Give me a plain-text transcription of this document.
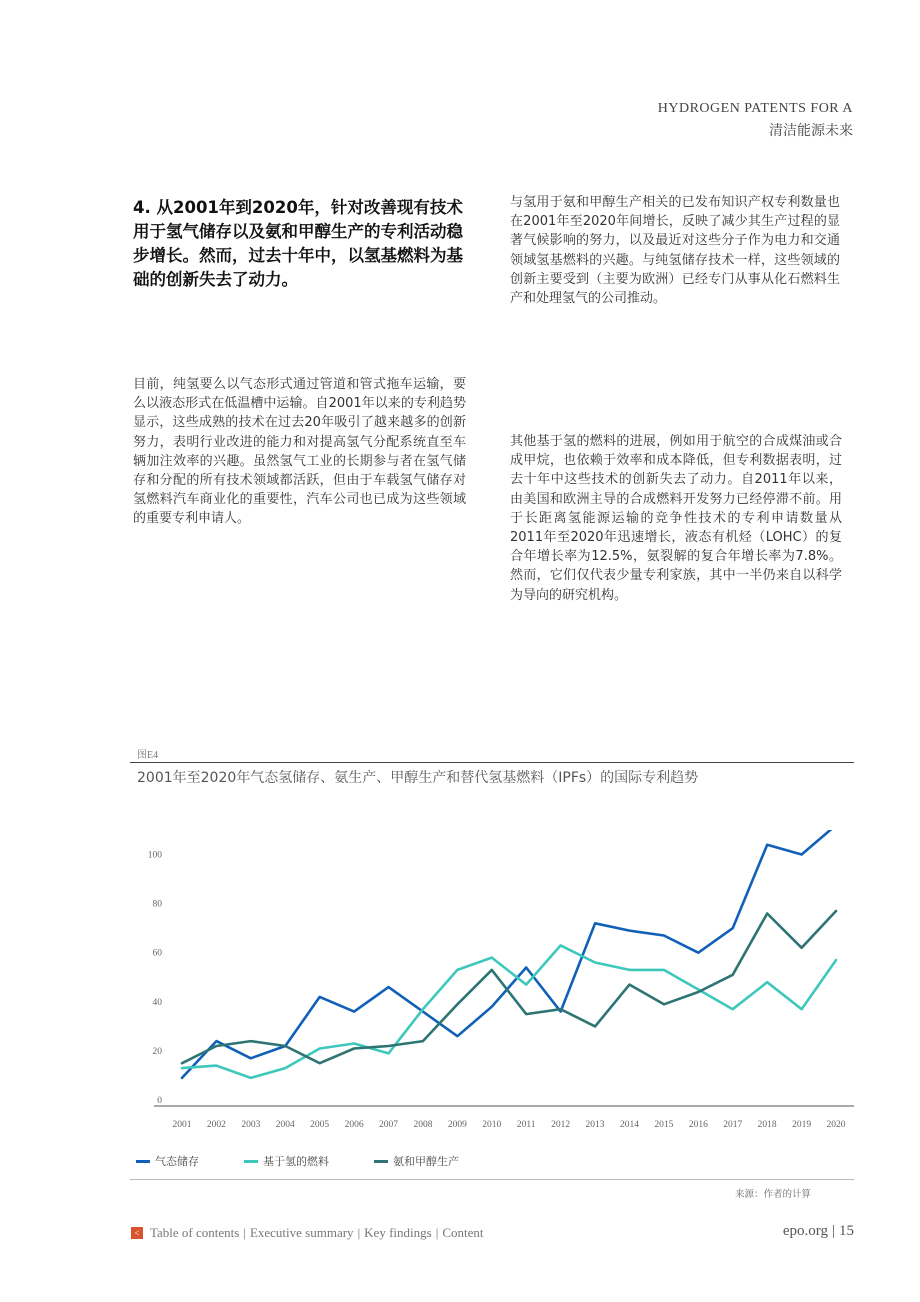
HYDROGEN PATENTS FOR A
清洁能源未来
4. 从2001年到2020年，针对改善现有技术用于氢气储存以及氨和甲醇生产的专利活动稳步增长。然而，过去十年中，以氢基燃料为基础的创新失去了动力。
与氢用于氨和甲醇生产相关的已发布知识产权专利数量也在2001年至2020年间增长，反映了减少其生产过程的显著气候影响的努力，以及最近对这些分子作为电力和交通领域氢基燃料的兴趣。与纯氢储存技术一样，这些领域的创新主要受到（主要为欧洲）已经专门从事从化石燃料生产和处理氢气的公司推动。
目前，纯氢要么以气态形式通过管道和管式拖车运输，要么以液态形式在低温槽中运输。自2001年以来的专利趋势显示，这些成熟的技术在过去20年吸引了越来越多的创新努力，表明行业改进的能力和对提高氢气分配系统直至车辆加注效率的兴趣。虽然氢气工业的长期参与者在氢气储存和分配的所有技术领域都活跃，但由于车载氢气储存对氢燃料汽车商业化的重要性，汽车公司也已成为这些领域的重要专利申请人。
其他基于氢的燃料的进展，例如用于航空的合成煤油或合成甲烷，也依赖于效率和成本降低，但专利数据表明，过去十年中这些技术的创新失去了动力。自2011年以来，由美国和欧洲主导的合成燃料开发努力已经停滞不前。用于长距离氢能源运输的竞争性技术的专利申请数量从2011年至2020年迅速增长，液态有机烃（LOHC）的复合年增长率为12.5%，氨裂解的复合年增长率为7.8%。然而，它们仅代表少量专利家族，其中一半仍来自以科学为导向的研究机构。
图E4
2001年至2020年气态氢储存、氨生产、甲醇生产和替代氢基燃料（IPFs）的国际专利趋势
0
20
40
60
80
100
2001 2002 2003 2004 2005 2006 2007 2008 2009 2010 2011 2012 2013 2014 2015 2016 2017 2018 2019 2020
气态储存	基于氢的燃料	氨和甲醇生产
来源：作者的计算
< Table of contents | Executive summary | Key findings | Content	epo.org | 15
